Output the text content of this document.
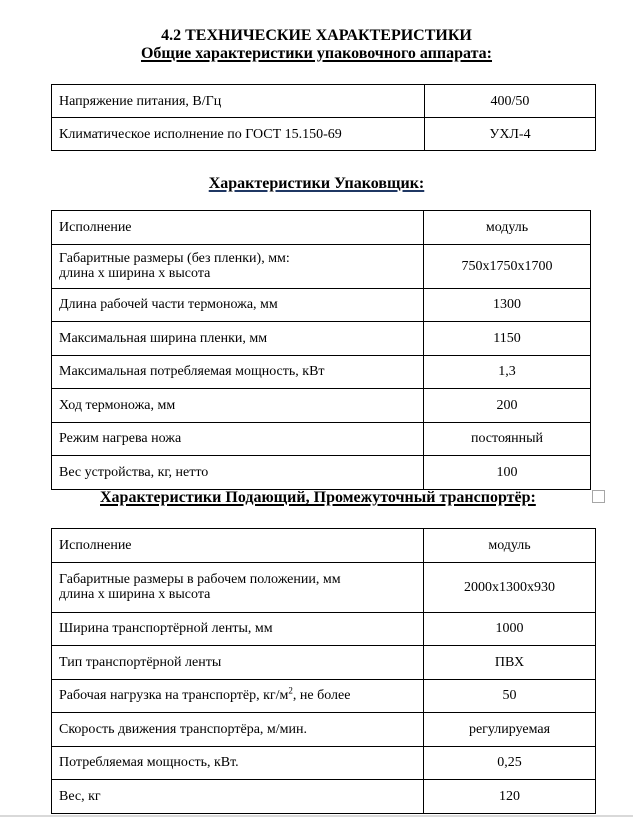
4.2 ТЕХНИЧЕСКИЕ ХАРАКТЕРИСТИКИ
Общие характеристики упаковочного аппарата:
Напряжение питания, В/Гц	400/50
Климатическое исполнение по ГОСТ 15.150-69	УХЛ-4
Характеристики Упаковщик:
Исполнение	модуль

Габаритные размеры (без пленки), мм:
длина х ширина х высота	750х1750х1700
Длина рабочей части термоножа, мм	1300
Максимальная ширина пленки, мм	1150
Максимальная потребляемая мощность, кВт	1,3
Ход термоножа, мм	200
Режим нагрева ножа	постоянный
Вес устройства, кг, нетто	100
Характеристики Подающий, Промежуточный транспортёр:
Исполнение	модуль

Габаритные размеры в рабочем положении, мм
длина х ширина х высота	2000х1300х930
Ширина транспортёрной ленты, мм	1000
Тип транспортёрной ленты	ПВХ
Рабочая нагрузка на транспортёр, $кг/м^2$, не более	50
Скорость движения транспортёра, м/мин.	регулируемая
Потребляемая мощность, кВт.	0,25
Вес, кг	120
